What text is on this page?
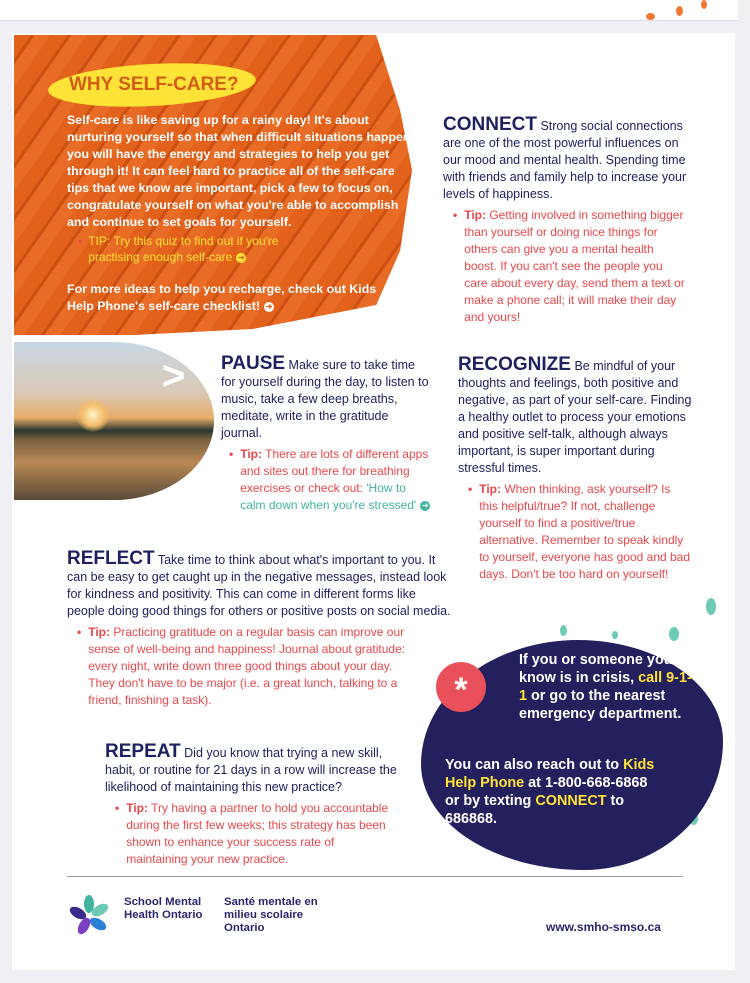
WHY SELF-CARE?
Self-care is like saving up for a rainy day! It's about nurturing yourself so that when difficult situations happen, you will have the energy and strategies to help you get through it! It can feel hard to practice all of the self-care tips that we know are important, pick a few to focus on, congratulate yourself on what you're able to accomplish and continue to set goals for yourself.
• TIP: Try this quiz to find out if you're practising enough self-care ➜
For more ideas to help you recharge, check out Kids Help Phone's self-care checklist! ➜
CONNECT Strong social connections are one of the most powerful influences on our mood and mental health. Spending time with friends and family help to increase your levels of happiness.
• Tip: Getting involved in something bigger than yourself or doing nice things for others can give you a mental health boost. If you can't see the people you care about every day, send them a text or make a phone call; it will make their day and yours!
> PAUSE Make sure to take time for yourself during the day, to listen to music, take a few deep breaths, meditate, write in the gratitude journal.
• Tip: There are lots of different apps and sites out there for breathing exercises or check out: 'How to calm down when you're stressed' ➜
RECOGNIZE Be mindful of your thoughts and feelings, both positive and negative, as part of your self-care. Finding a healthy outlet to process your emotions and positive self-talk, although always important, is super important during stressful times.
• Tip: When thinking, ask yourself? Is this helpful/true? If not, challenge yourself to find a positive/true alternative. Remember to speak kindly to yourself, everyone has good and bad days. Don't be too hard on yourself!
REFLECT Take time to think about what's important to you. It can be easy to get caught up in the negative messages, instead look for kindness and positivity. This can come in different forms like people doing good things for others or positive posts on social media.
• Tip: Practicing gratitude on a regular basis can improve our sense of well-being and happiness! Journal about gratitude: every night, write down three good things about your day. They don't have to be major (i.e. a great lunch, talking to a friend, finishing a task).
REPEAT Did you know that trying a new skill, habit, or routine for 21 days in a row will increase the likelihood of maintaining this new practice?
• Tip: Try having a partner to hold you accountable during the first few weeks; this strategy has been shown to enhance your success rate of maintaining your new practice.
*
If you or someone you know is in crisis, call 9-1-1 or go to the nearest emergency department.
You can also reach out to Kids Help Phone at 1-800-668-6868 or by texting CONNECT to 686868.
School Mental Health Ontario
Santé mentale en milieu scolaire Ontario	www.smho-smso.ca
